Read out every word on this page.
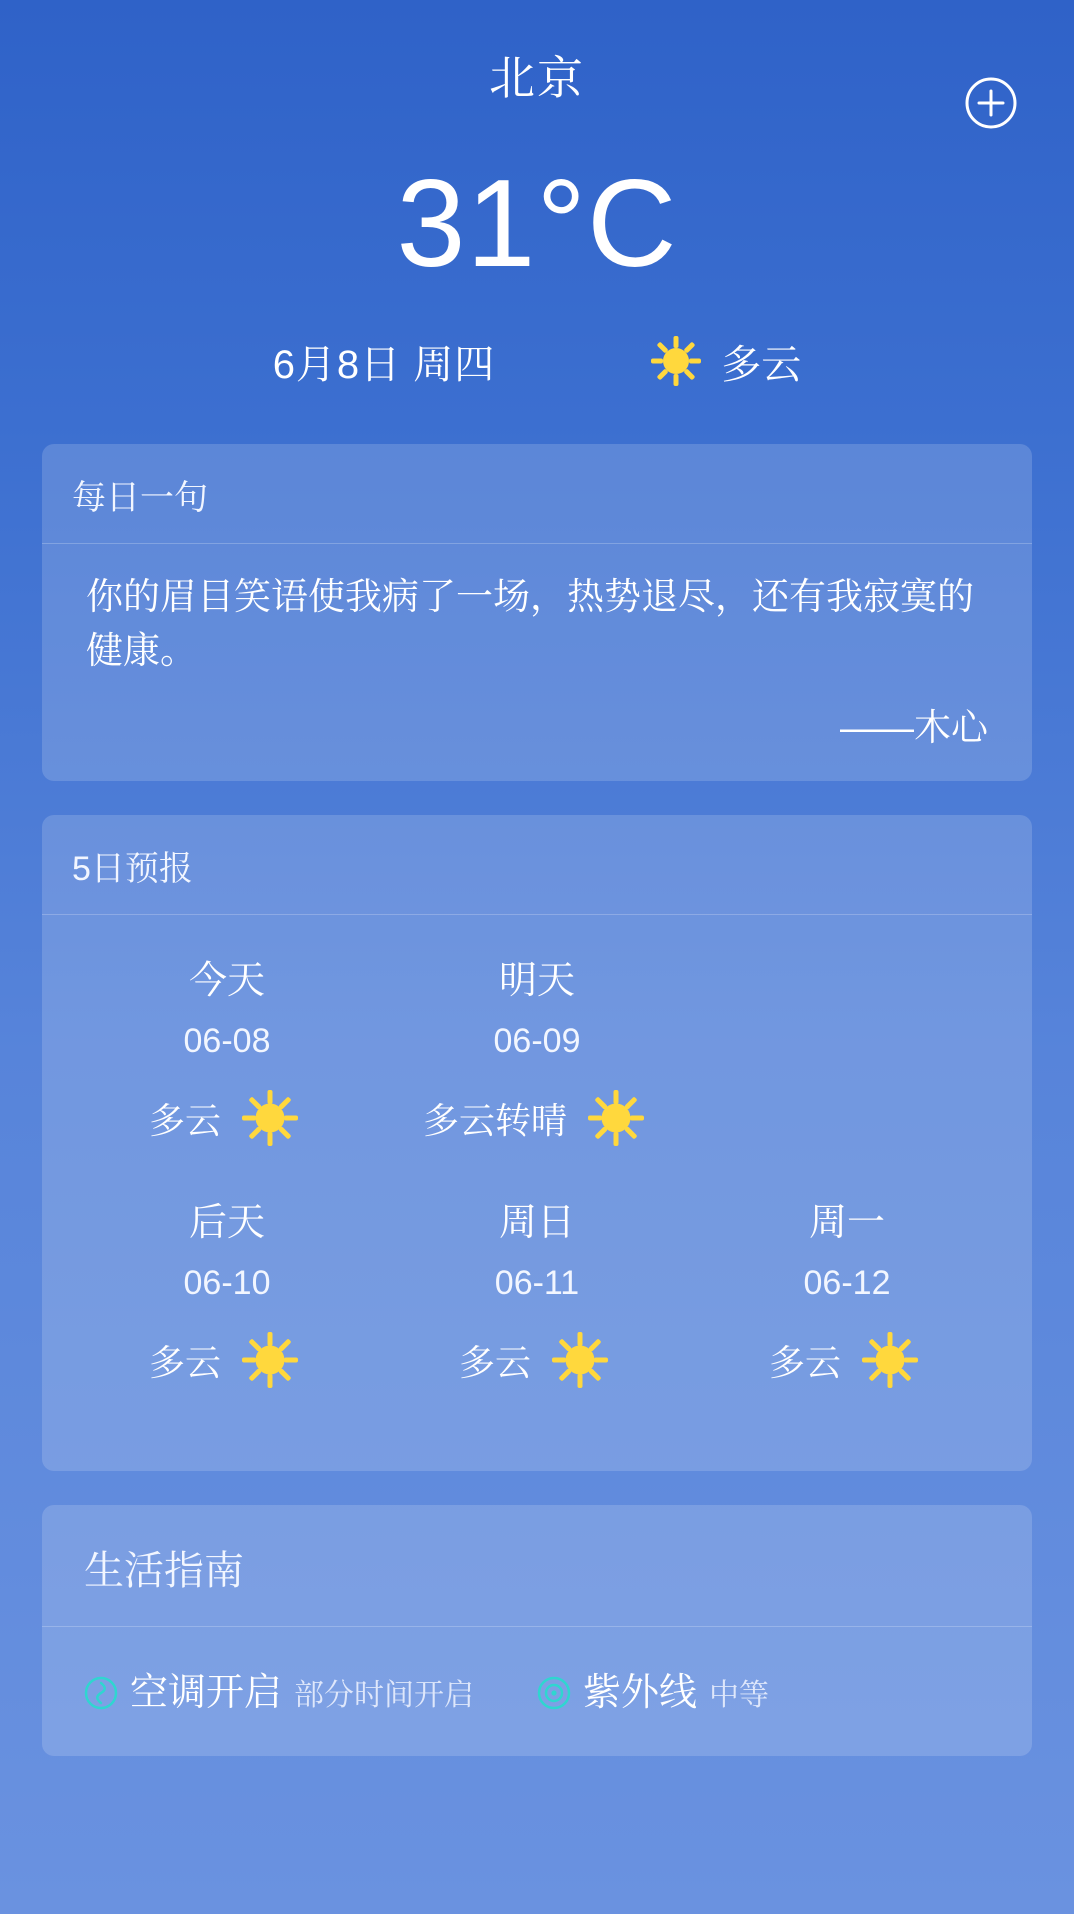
北京
31°C
6月8日 周四	多云
每日一句
你的眉目笑语使我病了一场，热势退尽，还有我寂寞的健康。
——木心
5日预报
今天
06-08
多云
明天
06-09
多云转晴
后天
06-10
多云
周日
06-11
多云
周一
06-12
多云
生活指南
空调开启 部分时间开启	紫外线 中等
